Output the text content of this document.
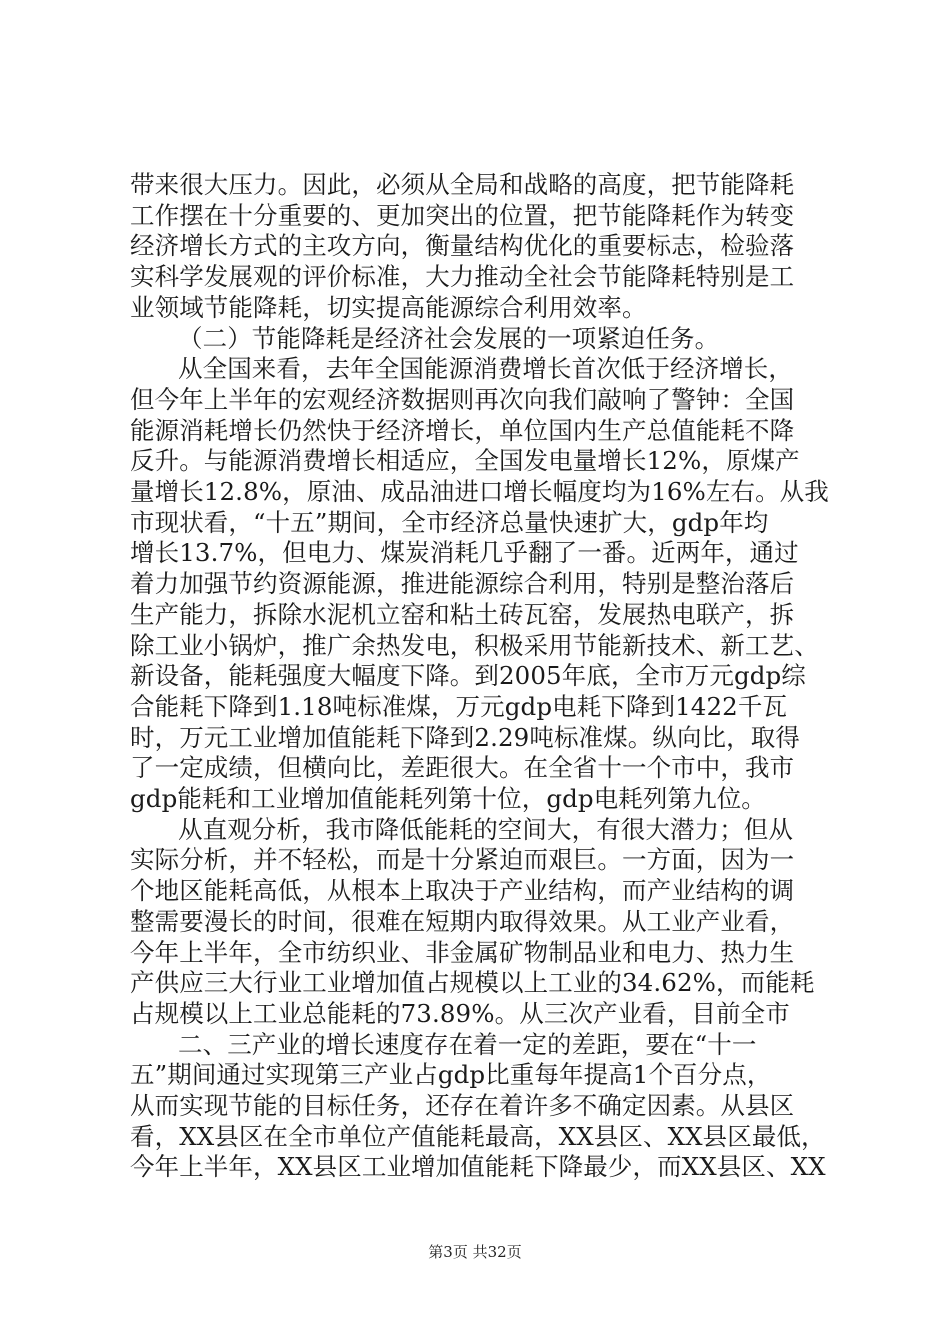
带来很大压力。因此，必须从全局和战略的高度，把节能降耗
工作摆在十分重要的、更加突出的位置，把节能降耗作为转变
经济增长方式的主攻方向，衡量结构优化的重要标志，检验落
实科学发展观的评价标准，大力推动全社会节能降耗特别是工
业领域节能降耗，切实提高能源综合利用效率。
（二）节能降耗是经济社会发展的一项紧迫任务。
从全国来看，去年全国能源消费增长首次低于经济增长，
但今年上半年的宏观经济数据则再次向我们敲响了警钟：全国
能源消耗增长仍然快于经济增长，单位国内生产总值能耗不降
反升。与能源消费增长相适应，全国发电量增长12%，原煤产
量增长12.8%，原油、成品油进口增长幅度均为16%左右。从我
市现状看，“十五”期间，全市经济总量快速扩大，gdp年均
增长13.7%，但电力、煤炭消耗几乎翻了一番。近两年，通过
着力加强节约资源能源，推进能源综合利用，特别是整治落后
生产能力，拆除水泥机立窑和粘土砖瓦窑，发展热电联产，拆
除工业小锅炉，推广余热发电，积极采用节能新技术、新工艺、
新设备，能耗强度大幅度下降。到2005年底，全市万元gdp综
合能耗下降到1.18吨标准煤，万元gdp电耗下降到1422千瓦
时，万元工业增加值能耗下降到2.29吨标准煤。纵向比，取得
了一定成绩，但横向比，差距很大。在全省十一个市中，我市
gdp能耗和工业增加值能耗列第十位，gdp电耗列第九位。
从直观分析，我市降低能耗的空间大，有很大潜力；但从
实际分析，并不轻松，而是十分紧迫而艰巨。一方面，因为一
个地区能耗高低，从根本上取决于产业结构，而产业结构的调
整需要漫长的时间，很难在短期内取得效果。从工业产业看，
今年上半年，全市纺织业、非金属矿物制品业和电力、热力生
产供应三大行业工业增加值占规模以上工业的34.62%，而能耗
占规模以上工业总能耗的73.89%。从三次产业看，目前全市
二、三产业的增长速度存在着一定的差距，要在“十一
五”期间通过实现第三产业占gdp比重每年提高1个百分点，
从而实现节能的目标任务，还存在着许多不确定因素。从县区
看，XX县区在全市单位产值能耗最高，XX县区、XX县区最低，
今年上半年，XX县区工业增加值能耗下降最少，而XX县区、XX
第3页 共32页
